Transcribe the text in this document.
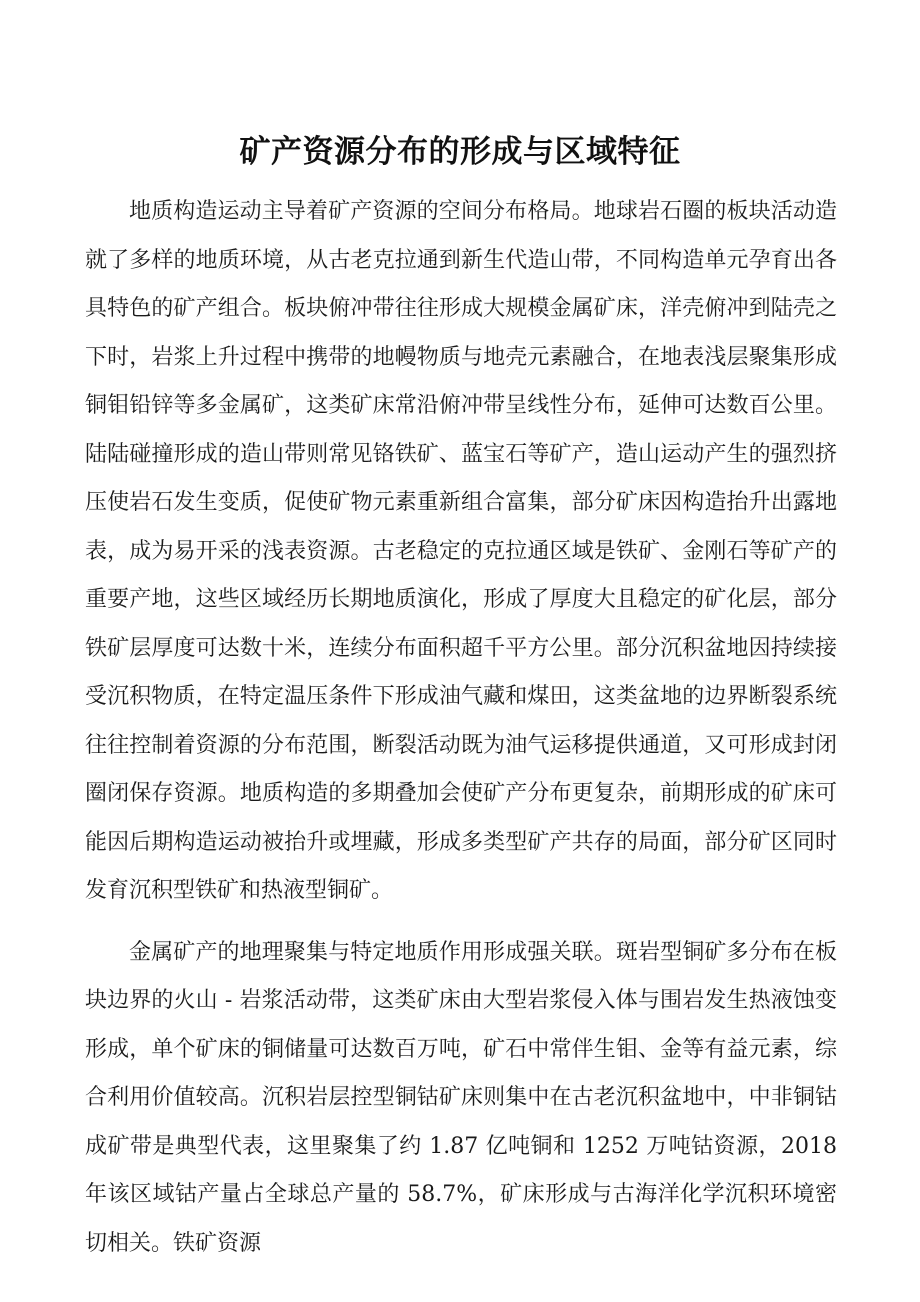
矿产资源分布的形成与区域特征

地质构造运动主导着矿产资源的空间分布格局。地球岩石圈的板块活动造就了多样的地质环境，从古老克拉通到新生代造山带，不同构造单元孕育出各具特色的矿产组合。板块俯冲带往往形成大规模金属矿床，洋壳俯冲到陆壳之下时，岩浆上升过程中携带的地幔物质与地壳元素融合，在地表浅层聚集形成铜钼铅锌等多金属矿，这类矿床常沿俯冲带呈线性分布，延伸可达数百公里。陆陆碰撞形成的造山带则常见铬铁矿、蓝宝石等矿产，造山运动产生的强烈挤压使岩石发生变质，促使矿物元素重新组合富集，部分矿床因构造抬升出露地表，成为易开采的浅表资源。古老稳定的克拉通区域是铁矿、金刚石等矿产的重要产地，这些区域经历长期地质演化，形成了厚度大且稳定的矿化层，部分铁矿层厚度可达数十米，连续分布面积超千平方公里。部分沉积盆地因持续接受沉积物质，在特定温压条件下形成油气藏和煤田，这类盆地的边界断裂系统往往控制着资源的分布范围，断裂活动既为油气运移提供通道，又可形成封闭圈闭保存资源。地质构造的多期叠加会使矿产分布更复杂，前期形成的矿床可能因后期构造运动被抬升或埋藏，形成多类型矿产共存的局面，部分矿区同时发育沉积型铁矿和热液型铜矿。

金属矿产的地理聚集与特定地质作用形成强关联。斑岩型铜矿多分布在板块边界的火山 - 岩浆活动带，这类矿床由大型岩浆侵入体与围岩发生热液蚀变形成，单个矿床的铜储量可达数百万吨，矿石中常伴生钼、金等有益元素，综合利用价值较高。沉积岩层控型铜钴矿床则集中在古老沉积盆地中，中非铜钴成矿带是典型代表，这里聚集了约 1.87 亿吨铜和 1252 万吨钴资源，2018 年该区域钴产量占全球总产量的 58.7%，矿床形成与古海洋化学沉积环境密切相关。铁矿资源
